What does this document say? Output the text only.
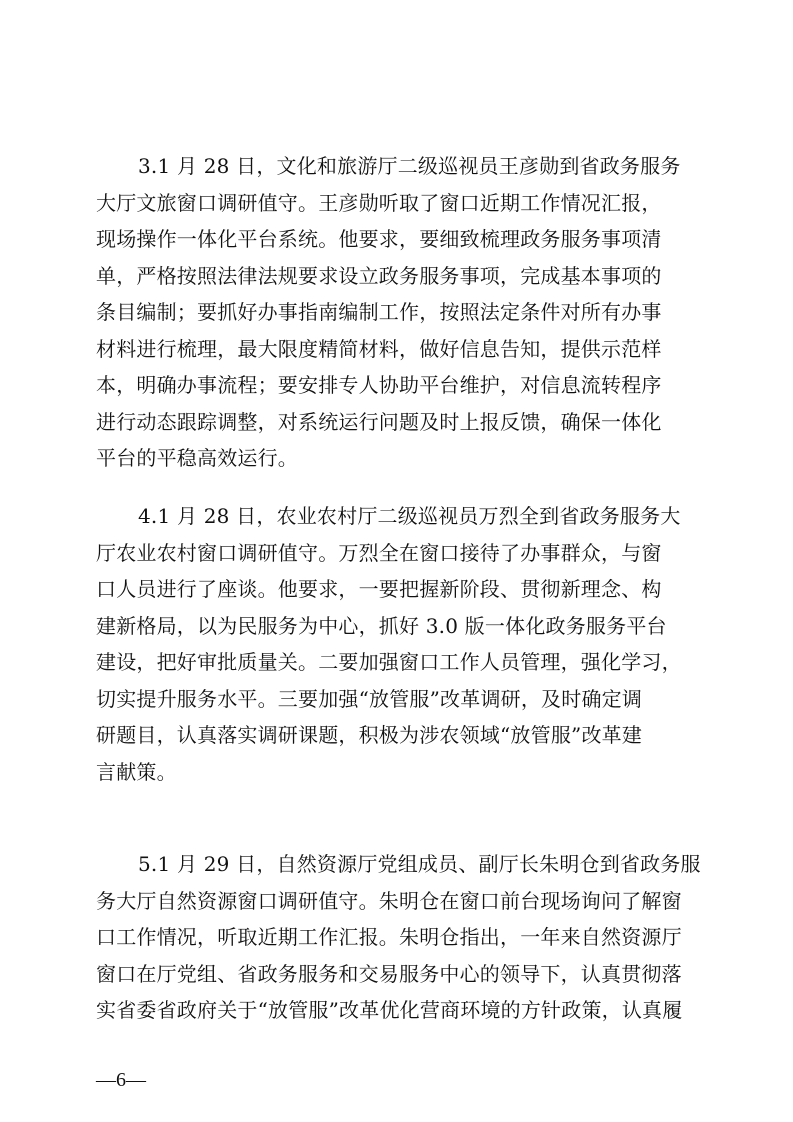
3.1 月 28 日，文化和旅游厅二级巡视员王彦勋到省政务服务
大厅文旅窗口调研值守。王彦勋听取了窗口近期工作情况汇报，
现场操作一体化平台系统。他要求，要细致梳理政务服务事项清
单，严格按照法律法规要求设立政务服务事项，完成基本事项的
条目编制；要抓好办事指南编制工作，按照法定条件对所有办事
材料进行梳理，最大限度精简材料，做好信息告知，提供示范样
本，明确办事流程；要安排专人协助平台维护，对信息流转程序
进行动态跟踪调整，对系统运行问题及时上报反馈，确保一体化
平台的平稳高效运行。
4.1 月 28 日，农业农村厅二级巡视员万烈全到省政务服务大
厅农业农村窗口调研值守。万烈全在窗口接待了办事群众，与窗
口人员进行了座谈。他要求，一要把握新阶段、贯彻新理念、构
建新格局，以为民服务为中心，抓好 3.0 版一体化政务服务平台
建设，把好审批质量关。二要加强窗口工作人员管理，强化学习，
切实提升服务水平。三要加强“放管服”改革调研，及时确定调
研题目，认真落实调研课题，积极为涉农领域“放管服”改革建
言献策。
5.1 月 29 日，自然资源厅党组成员、副厅长朱明仓到省政务服
务大厅自然资源窗口调研值守。朱明仓在窗口前台现场询问了解窗
口工作情况，听取近期工作汇报。朱明仓指出，一年来自然资源厅
窗口在厅党组、省政务服务和交易服务中心的领导下，认真贯彻落
实省委省政府关于“放管服”改革优化营商环境的方针政策，认真履
—6—
